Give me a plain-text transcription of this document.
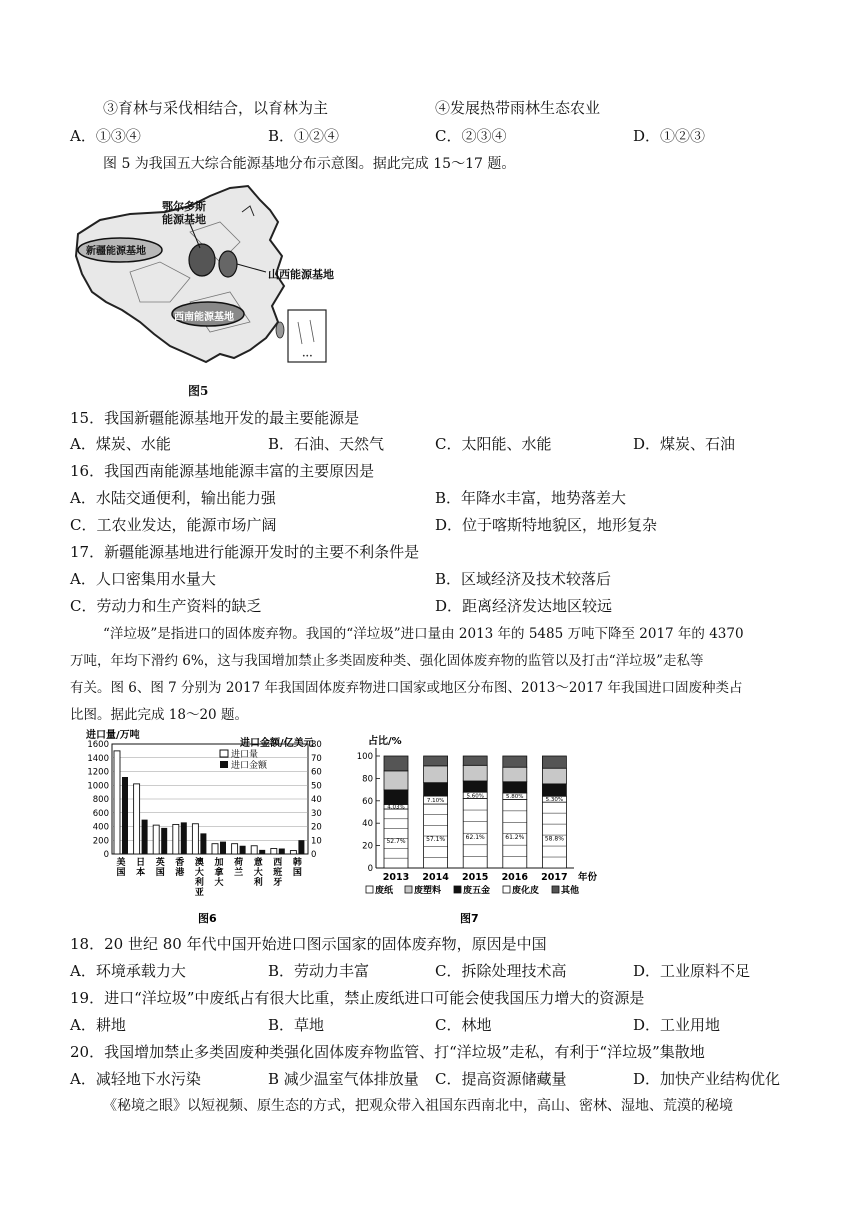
③育林与采伐相结合，以育林为主	④发展热带雨林生态农业
A．①③④	B．①②④	C．②③④	D．①②③
图 5 为我国五大综合能源基地分布示意图。据此完成 15～17 题。
•••
鄂尔多斯
能源基地
新疆能源基地
山西能源基地
西南能源基地
图5
15．我国新疆能源基地开发的最主要能源是
A．煤炭、水能	B．石油、天然气	C．太阳能、水能	D．煤炭、石油
16．我国西南能源基地能源丰富的主要原因是
A．水陆交通便利，输出能力强	B．年降水丰富，地势落差大
C．工农业发达，能源市场广阔	D．位于喀斯特地貌区，地形复杂
17．新疆能源基地进行能源开发时的主要不利条件是
A．人口密集用水量大	B．区域经济及技术较落后
C．劳动力和生产资料的缺乏	D．距离经济发达地区较远
“洋垃圾”是指进口的固体废弃物。我国的“洋垃圾”进口量由 2013 年的 5485 万吨下降至 2017 年的 4370
万吨，年均下滑约 6%，这与我国增加禁止多类固废种类、强化固体废弃物的监管以及打击“洋垃圾”走私等
有关。图 6、图 7 分别为 2017 年我国固体废弃物进口国家或地区分布图、2013～2017 年我国进口固废种类占
比图。据此完成 18～20 题。
进口量/万吨
进口金额/亿美元
进口量
进口金额
0
200
400
600
800
1000
1200
1400
1600
0
10
20
30
40
50
60
70
80
美
国
日
本
英
国
香
港
澳
大
利
亚
加
拿
大
荷
兰
意
大
利
西
班
牙
韩
国
图6
占比/%
0
20
40
60
80
100
52.7%
4.03%
2013
57.1%
7.10%
2014
62.1%
5.60%
2015
61.2%
5.80%
2016
58.8%
5.30%
2017 年份
废纸 废塑料 废五金 废化皮 其他
图7
18．20 世纪 80 年代中国开始进口图示国家的固体废弃物，原因是中国
A．环境承载力大	B．劳动力丰富	C．拆除处理技术高	D．工业原料不足
19．进口“洋垃圾”中废纸占有很大比重，禁止废纸进口可能会使我国压力增大的资源是
A．耕地	B．草地	C．林地	D．工业用地
20．我国增加禁止多类固废种类强化固体废弃物监管、打“洋垃圾”走私，有利于“洋垃圾”集散地
A．减轻地下水污染	B 减少温室气体排放量 C．提高资源储藏量	D．加快产业结构优化
《秘境之眼》以短视频、原生态的方式，把观众带入祖国东西南北中，高山、密林、湿地、荒漠的秘境
